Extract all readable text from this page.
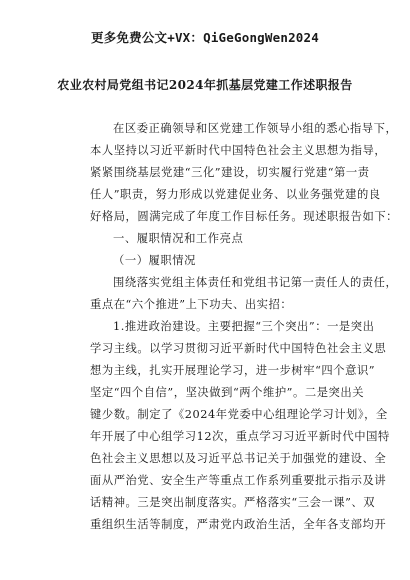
更多免费公文+VX：QiGeGongWen2024
农业农村局党组书记2024年抓基层党建工作述职报告
在区委正确领导和区党建工作领导小组的悉心指导下，
本人坚持以习近平新时代中国特色社会主义思想为指导，
紧紧围绕基层党建“三化”建设，切实履行党建“第一责
任人”职责，努力形成以党建促业务、以业务强党建的良
好格局，圆满完成了年度工作目标任务。现述职报告如下：
一、履职情况和工作亮点
（一）履职情况
围绕落实党组主体责任和党组书记第一责任人的责任，
重点在“六个推进”上下功夫、出实招：
1.推进政治建设。主要把握“三个突出”：一是突出
学习主线。以学习贯彻习近平新时代中国特色社会主义思
想为主线，扎实开展理论学习，进一步树牢“四个意识”
坚定“四个自信”，坚决做到“两个维护”。二是突出关
键少数。制定了《2024年党委中心组理论学习计划》，全
年开展了中心组学习12次，重点学习习近平新时代中国特
色社会主义思想以及习近平总书记关于加强党的建设、全
面从严治党、安全生产等重点工作系列重要批示指示及讲
话精神。三是突出制度落实。严格落实“三会一课”、双
重组织生活等制度，严肃党内政治生活，全年各支部均开
